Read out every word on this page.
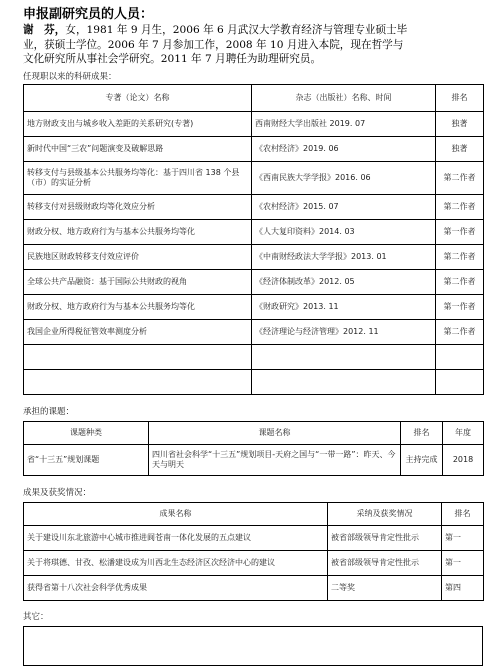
申报副研究员的人员：
谢　芬，女，1981 年 9 月生，2006 年 6 月武汉大学教育经济与管理专业硕士毕
业，获硕士学位。2006 年 7 月参加工作，2008 年 10 月进入本院，现在哲学与
文化研究所从事社会学研究。2011 年 7 月聘任为助理研究员。
任现职以来的科研成果：
专著（论文）名称	杂志（出版社）名称、时间	排名
地方财政支出与城乡收入差距的关系研究(专著)	西南财经大学出版社 2019. 07	独著
新时代中国“三农”问题演变及破解思路	《农村经济》2019. 06	独著
转移支付与县级基本公共服务均等化：基于四川省 138 个县（市）的实证分析	《西南民族大学学报》2016. 06	第二作者
转移支付对县级财政均等化效应分析	《农村经济》2015. 07	第二作者
财政分权、地方政府行为与基本公共服务均等化	《人大复印资料》2014. 03	第一作者
民族地区财政转移支付效应评价	《中南财经政法大学学报》2013. 01	第二作者
全球公共产品融资：基于国际公共财政的视角	《经济体制改革》2012. 05	第二作者
财政分权、地方政府行为与基本公共服务均等化	《财政研究》2013. 11	第一作者
我国企业所得税征管效率测度分析	《经济理论与经济管理》2012. 11	第二作者

承担的课题：
课题种类	课题名称	排名	年度
省“十三五”规划课题	四川省社会科学“十三五”规划项目-天府之国与“一带一路”：昨天、今天与明天	主持完成	2018
成果及获奖情况：
成果名称	采纳及获奖情况	排名
关于建设川东北旅游中心城市推进阆苍南一体化发展的五点建议	被省部级领导肯定性批示	第一
关于将琪德、甘孜、松潘建设成为川西北生态经济区次经济中心的建议	被省部级领导肯定性批示	第一
获得省第十八次社会科学优秀成果	二等奖	第四
其它：
